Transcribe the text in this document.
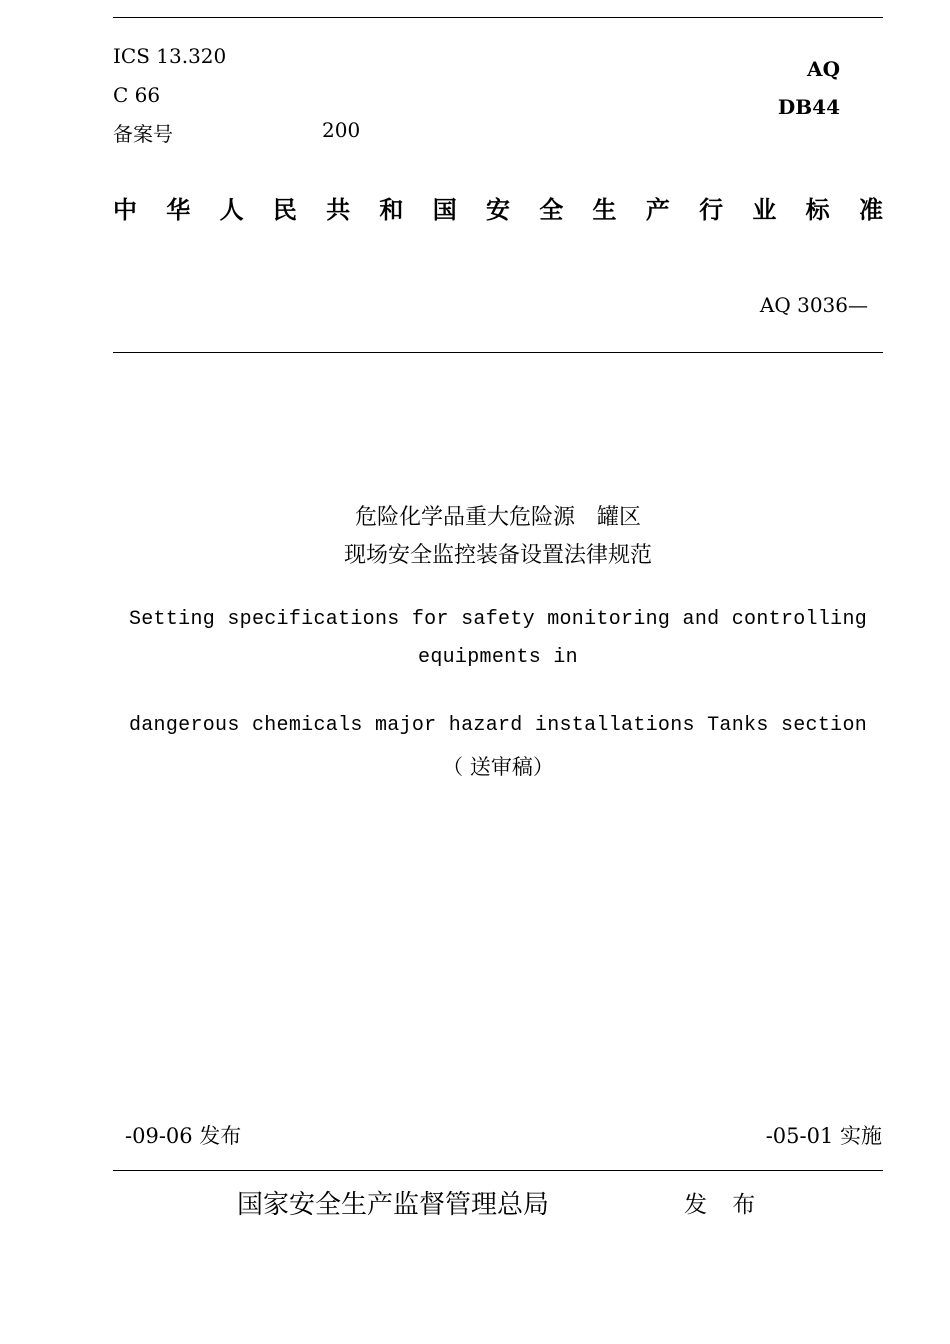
ICS 13.320
C 66
备案号	200
AQ
DB44
中 华 人 民 共 和 国 安 全 生 产 行 业 标 准
AQ 3036—
危险化学品重大危险源　罐区
现场安全监控装备设置法律规范
Setting specifications for safety monitoring and controlling
equipments in
dangerous chemicals major hazard installations Tanks section
（ 送审稿）
-09-06 发布	-05-01 实施
国家安全生产监督管理总局	发 布
